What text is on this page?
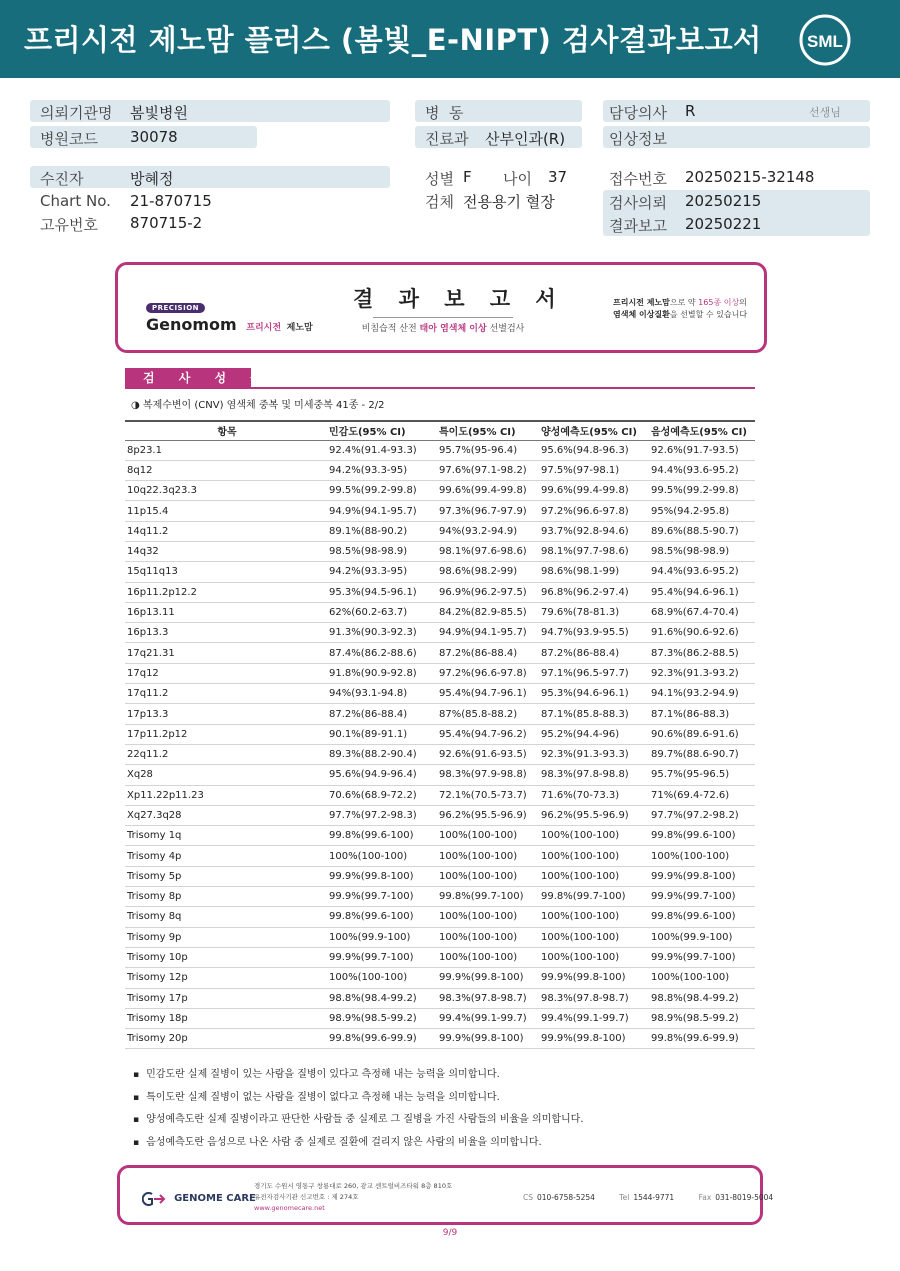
프리시전 제노맘 플러스 (봄빛_E-NIPT) 검사결과보고서	SML
의뢰기관명 봄빛병원
병원코드 30078
수진자	방혜정
Chart No. 21-870715
고유번호 870715-2
병  동
진료과 산부인과(R)
성별 F 나이 37
검체 전용용기 혈장
담당의사 R	선생님
임상정보
접수번호 20250215-32148
검사의뢰 20250215
결과보고 20250221
PRECISION
Genomom 프리시전 제노맘
결 과 보 고 서
비침습적 산전 태아 염색체 이상 선별검사
프리시전 제노맘으로 약 165종 이상의
염색체 이상질환을 선별할 수 있습니다
검 사 성 능
◑ 복제수변이 (CNV) 염색체 중복 및 미세중복 41종 - 2/2
항목	민감도(95% CI)	특이도(95% CI)	양성예측도(95% CI)	음성예측도(95% CI)
8p23.1	92.4%(91.4-93.3)	95.7%(95-96.4)	95.6%(94.8-96.3)	92.6%(91.7-93.5)
8q12	94.2%(93.3-95)	97.6%(97.1-98.2)	97.5%(97-98.1)	94.4%(93.6-95.2)
10q22.3q23.3	99.5%(99.2-99.8)	99.6%(99.4-99.8)	99.6%(99.4-99.8)	99.5%(99.2-99.8)
11p15.4	94.9%(94.1-95.7)	97.3%(96.7-97.9)	97.2%(96.6-97.8)	95%(94.2-95.8)
14q11.2	89.1%(88-90.2)	94%(93.2-94.9)	93.7%(92.8-94.6)	89.6%(88.5-90.7)
14q32	98.5%(98-98.9)	98.1%(97.6-98.6)	98.1%(97.7-98.6)	98.5%(98-98.9)
15q11q13	94.2%(93.3-95)	98.6%(98.2-99)	98.6%(98.1-99)	94.4%(93.6-95.2)
16p11.2p12.2	95.3%(94.5-96.1)	96.9%(96.2-97.5)	96.8%(96.2-97.4)	95.4%(94.6-96.1)
16p13.11	62%(60.2-63.7)	84.2%(82.9-85.5)	79.6%(78-81.3)	68.9%(67.4-70.4)
16p13.3	91.3%(90.3-92.3)	94.9%(94.1-95.7)	94.7%(93.9-95.5)	91.6%(90.6-92.6)
17q21.31	87.4%(86.2-88.6)	87.2%(86-88.4)	87.2%(86-88.4)	87.3%(86.2-88.5)
17q12	91.8%(90.9-92.8)	97.2%(96.6-97.8)	97.1%(96.5-97.7)	92.3%(91.3-93.2)
17q11.2	94%(93.1-94.8)	95.4%(94.7-96.1)	95.3%(94.6-96.1)	94.1%(93.2-94.9)
17p13.3	87.2%(86-88.4)	87%(85.8-88.2)	87.1%(85.8-88.3)	87.1%(86-88.3)
17p11.2p12	90.1%(89-91.1)	95.4%(94.7-96.2)	95.2%(94.4-96)	90.6%(89.6-91.6)
22q11.2	89.3%(88.2-90.4)	92.6%(91.6-93.5)	92.3%(91.3-93.3)	89.7%(88.6-90.7)
Xq28	95.6%(94.9-96.4)	98.3%(97.9-98.8)	98.3%(97.8-98.8)	95.7%(95-96.5)
Xp11.22p11.23	70.6%(68.9-72.2)	72.1%(70.5-73.7)	71.6%(70-73.3)	71%(69.4-72.6)
Xq27.3q28	97.7%(97.2-98.3)	96.2%(95.5-96.9)	96.2%(95.5-96.9)	97.7%(97.2-98.2)
Trisomy 1q	99.8%(99.6-100)	100%(100-100)	100%(100-100)	99.8%(99.6-100)
Trisomy 4p	100%(100-100)	100%(100-100)	100%(100-100)	100%(100-100)
Trisomy 5p	99.9%(99.8-100)	100%(100-100)	100%(100-100)	99.9%(99.8-100)
Trisomy 8p	99.9%(99.7-100)	99.8%(99.7-100)	99.8%(99.7-100)	99.9%(99.7-100)
Trisomy 8q	99.8%(99.6-100)	100%(100-100)	100%(100-100)	99.8%(99.6-100)
Trisomy 9p	100%(99.9-100)	100%(100-100)	100%(100-100)	100%(99.9-100)
Trisomy 10p	99.9%(99.7-100)	100%(100-100)	100%(100-100)	99.9%(99.7-100)
Trisomy 12p	100%(100-100)	99.9%(99.8-100)	99.9%(99.8-100)	100%(100-100)
Trisomy 17p	98.8%(98.4-99.2)	98.3%(97.8-98.7)	98.3%(97.8-98.7)	98.8%(98.4-99.2)
Trisomy 18p	98.9%(98.5-99.2)	99.4%(99.1-99.7)	99.4%(99.1-99.7)	98.9%(98.5-99.2)
Trisomy 20p	99.8%(99.6-99.9)	99.9%(99.8-100)	99.9%(99.8-100)	99.8%(99.6-99.9)
▪ 민감도란 실제 질병이 있는 사람을 질병이 있다고 측정해 내는 능력을 의미합니다.
▪ 특이도란 실제 질병이 없는 사람을 질병이 없다고 측정해 내는 능력을 의미합니다.
▪ 양성예측도란 실제 질병이라고 판단한 사람들 중 실제로 그 질병을 가진 사람들의 비율을 의미합니다.
▪ 음성예측도란 음성으로 나온 사람 중 실제로 질환에 걸리지 않은 사람의 비율을 의미합니다.
GENOME CARE
경기도 수원시 영통구 창룡대로 260, 광교 센트럴비즈타워 8층 810호
유전자검사기관 신고번호 : 제 274호
www.genomecare.net
CS 010-6758-5254	Tel 1544-9771	Fax 031-8019-5004
9/9
